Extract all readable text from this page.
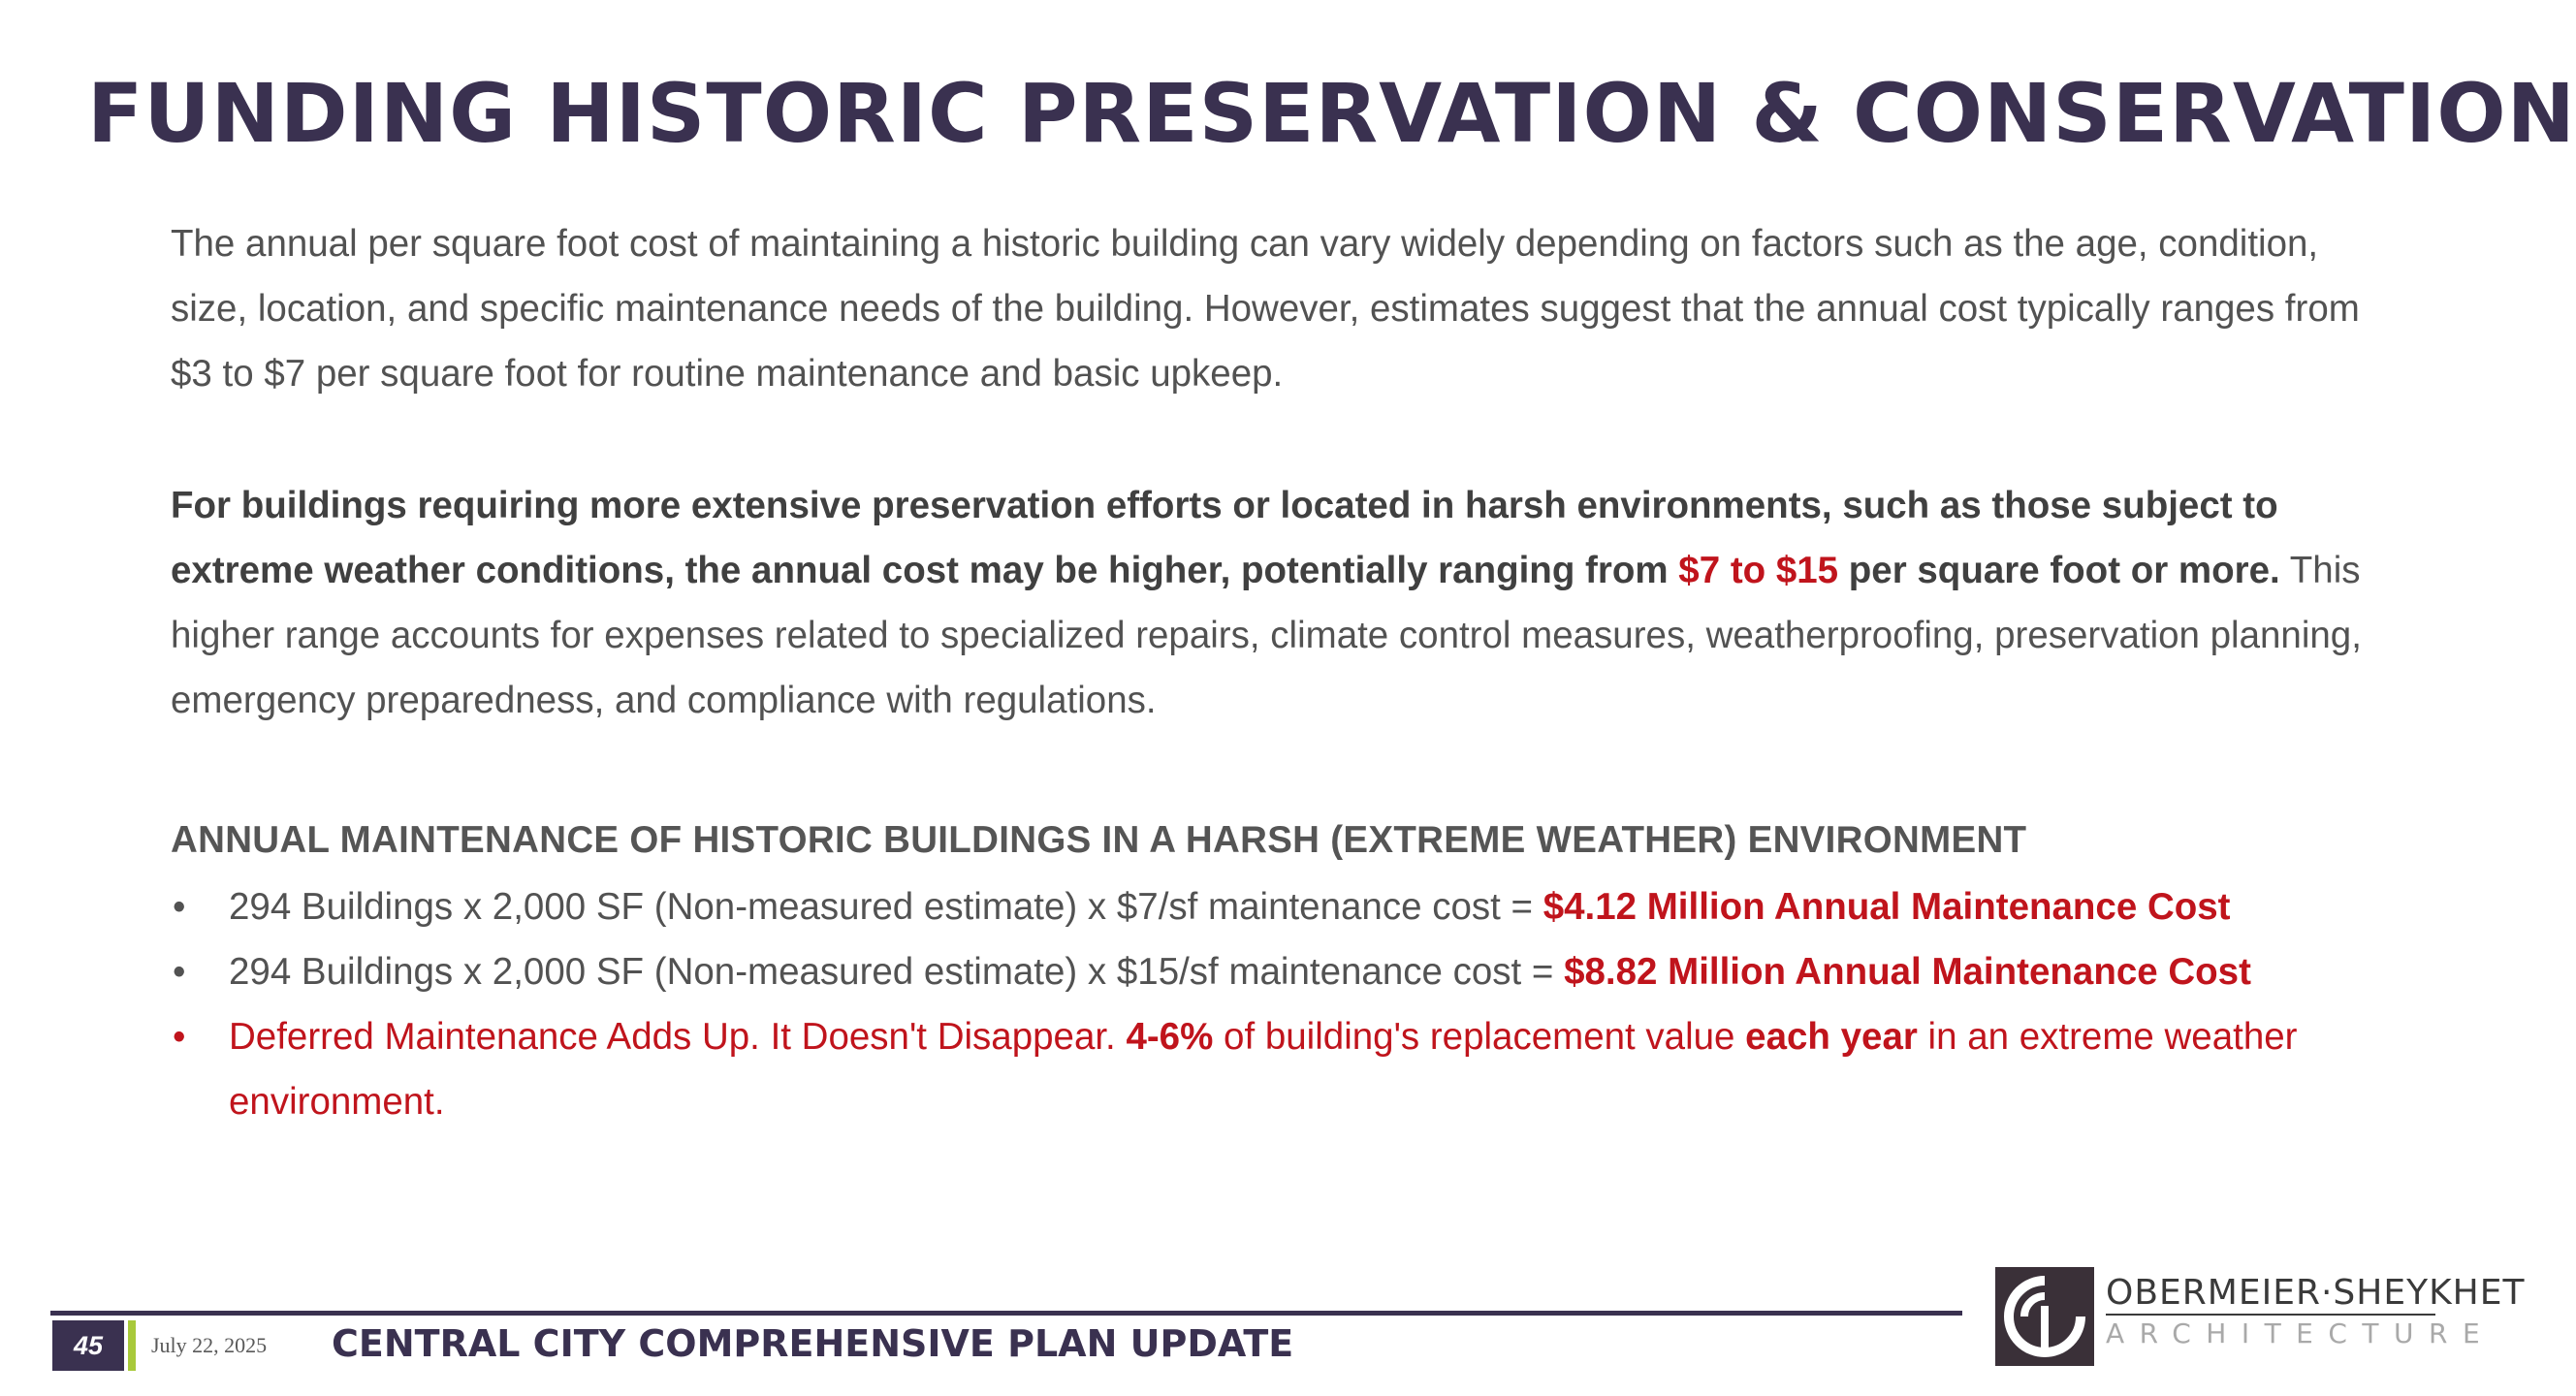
FUNDING HISTORIC PRESERVATION & CONSERVATION

The annual per square foot cost of maintaining a historic building can vary widely depending on factors such as the age, condition, size, location, and specific maintenance needs of the building. However, estimates suggest that the annual cost typically ranges from $3 to $7 per square foot for routine maintenance and basic upkeep.

For buildings requiring more extensive preservation efforts or located in harsh environments, such as those subject to extreme weather conditions, the annual cost may be higher, potentially ranging from $7 to $15 per square foot or more. This higher range accounts for expenses related to specialized repairs, climate control measures, weatherproofing, preservation planning, emergency preparedness, and compliance with regulations.

ANNUAL MAINTENANCE OF HISTORIC BUILDINGS IN A HARSH (EXTREME WEATHER) ENVIRONMENT
• 294 Buildings x 2,000 SF (Non-measured estimate) x $7/sf maintenance cost = $4.12 Million Annual Maintenance Cost
• 294 Buildings x 2,000 SF (Non-measured estimate) x $15/sf maintenance cost = $8.82 Million Annual Maintenance Cost
• Deferred Maintenance Adds Up. It Doesn't Disappear. 4-6% of building's replacement value each year in an extreme weather environment.
45	July 22, 2025 CENTRAL CITY COMPREHENSIVE PLAN UPDATE
OBERMEIER·SHEYKHET
ARCHITECTURE
